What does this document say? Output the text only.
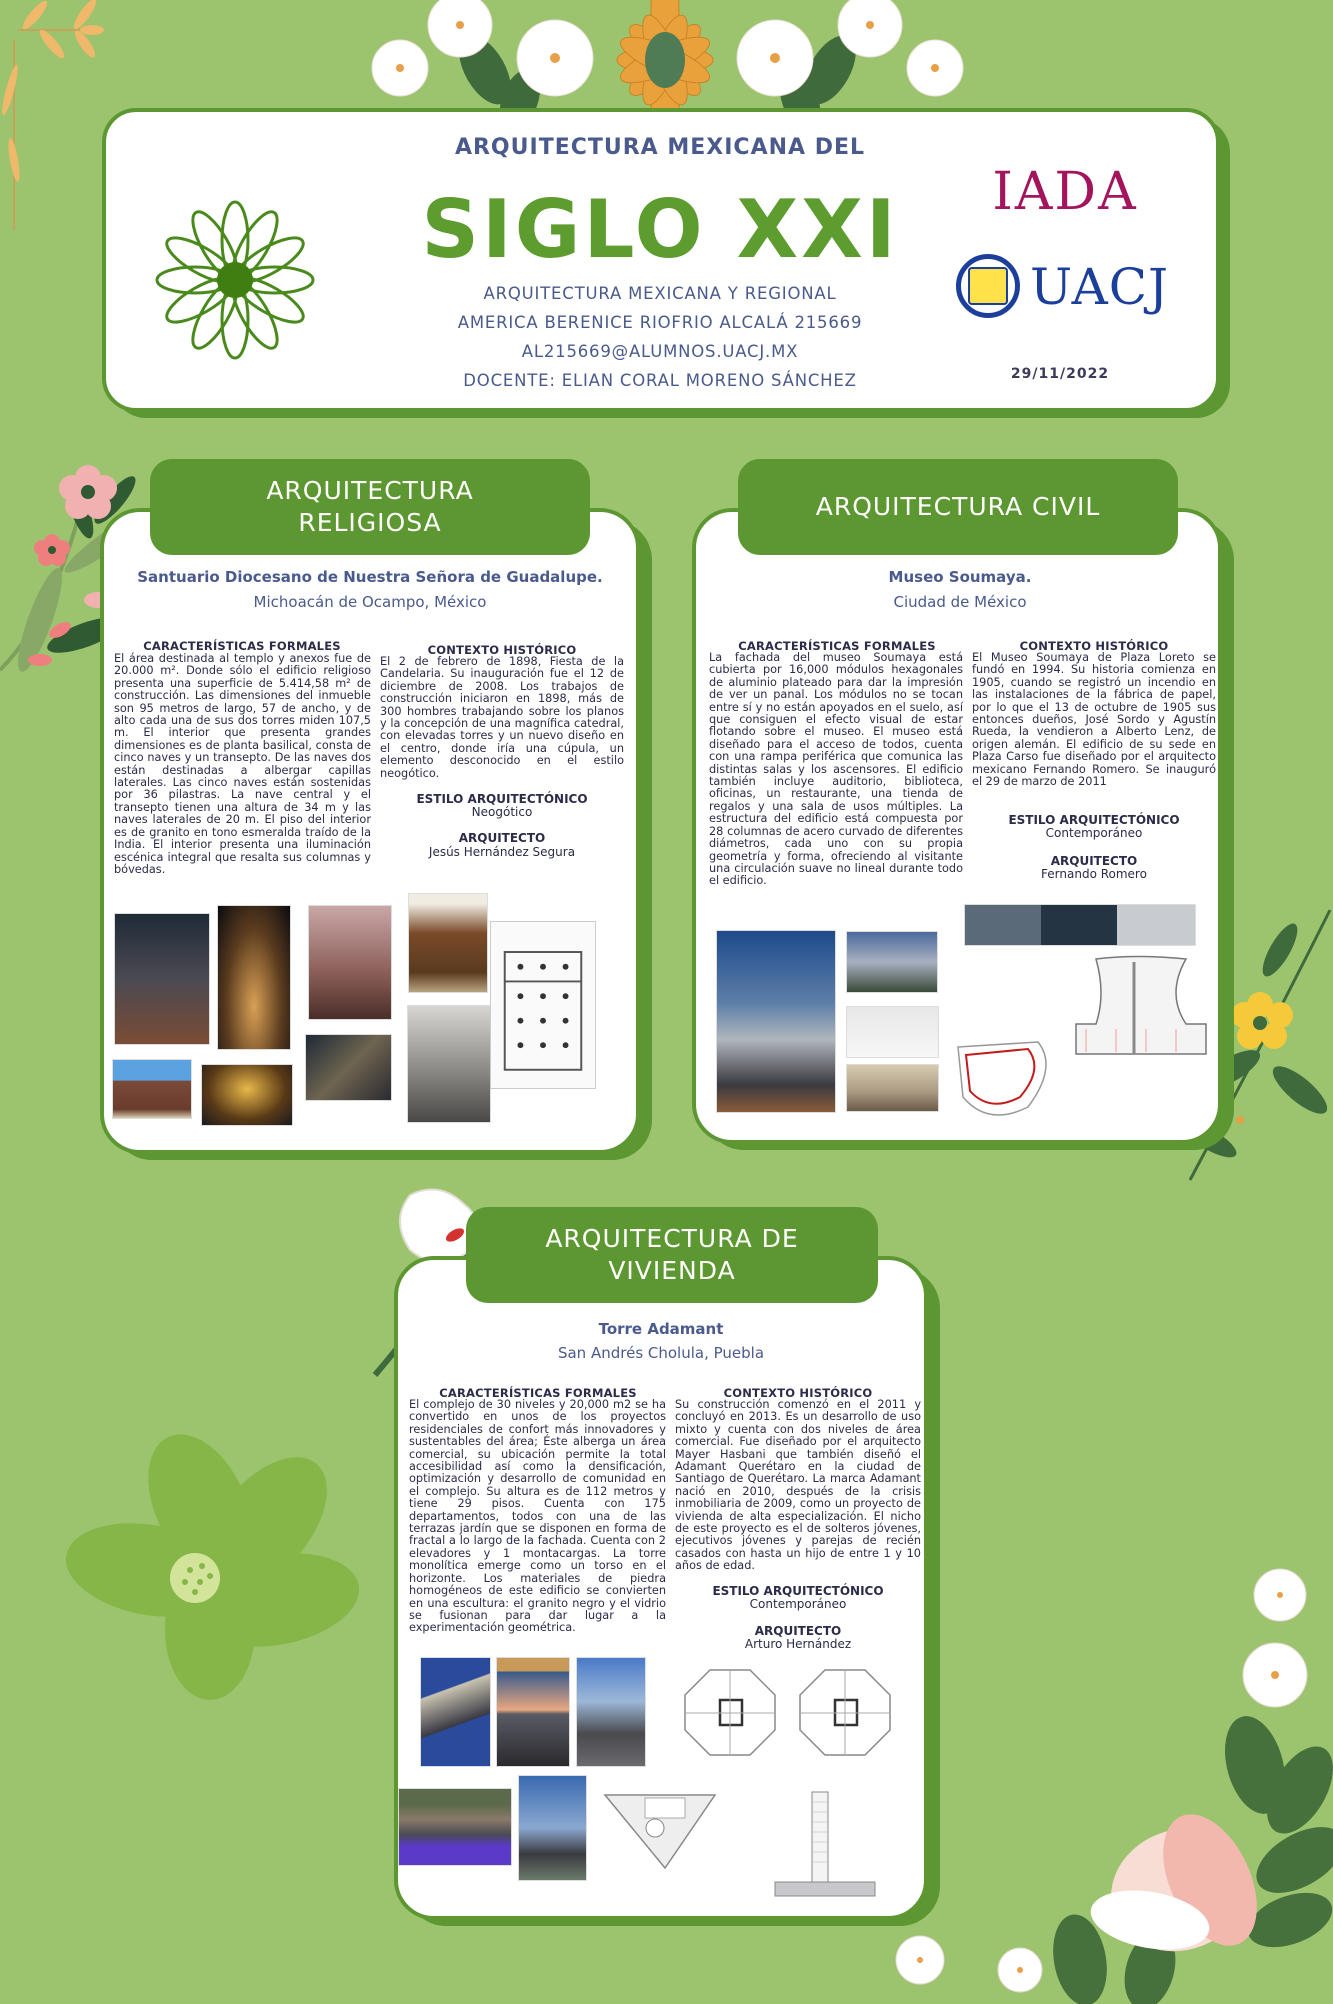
ARQUITECTURA MEXICANA DEL
SIGLO XXI
ARQUITECTURA MEXICANA Y REGIONAL
AMERICA BERENICE RIOFRIO ALCALÁ 215669
AL215669@ALUMNOS.UACJ.MX
DOCENTE: ELIAN CORAL MORENO SÁNCHEZ
IADA
UACJ
29/11/2022
ARQUITECTURA
RELIGIOSA
Santuario Diocesano de Nuestra Señora de Guadalupe.
Michoacán de Ocampo, México
CARACTERÍSTICAS FORMALES
El área destinada al templo y anexos fue de 20.000 m². Donde sólo el edificio religioso presenta una superficie de 5.414,58 m² de construcción. Las dimensiones del inmueble son 95 metros de largo, 57 de ancho, y de alto cada una de sus dos torres miden 107,5 m. El interior que presenta grandes dimensiones es de planta basilical, consta de cinco naves y un transepto. De las naves dos están destinadas a albergar capillas laterales. Las cinco naves están sostenidas por 36 pilastras. La nave central y el transepto tienen una altura de 34 m y las naves laterales de 20 m. El piso del interior es de granito en tono esmeralda traído de la India. El interior presenta una iluminación escénica integral que resalta sus columnas y bóvedas.
CONTEXTO HISTÓRICO
El 2 de febrero de 1898, Fiesta de la Candelaria. Su inauguración fue el 12 de diciembre de 2008. Los trabajos de construcción iniciaron en 1898, más de 300 hombres trabajando sobre los planos y la concepción de una magnífica catedral, con elevadas torres y un nuevo diseño en el centro, donde iría una cúpula, un elemento desconocido en el estilo neogótico.
ESTILO ARQUITECTÓNICO
Neogótico
ARQUITECTO
Jesús Hernández Segura
ARQUITECTURA CIVIL
Museo Soumaya.
Ciudad de México
CARACTERÍSTICAS FORMALES
La fachada del museo Soumaya está cubierta por 16,000 módulos hexagonales de aluminio plateado para dar la impresión de ver un panal. Los módulos no se tocan entre sí y no están apoyados en el suelo, así que consiguen el efecto visual de estar flotando sobre el museo. El museo está diseñado para el acceso de todos, cuenta con una rampa periférica que comunica las distintas salas y los ascensores. El edificio también incluye auditorio, biblioteca, oficinas, un restaurante, una tienda de regalos y una sala de usos múltiples. La estructura del edificio está compuesta por 28 columnas de acero curvado de diferentes diámetros, cada uno con su propia geometría y forma, ofreciendo al visitante una circulación suave no lineal durante todo el edificio.
CONTEXTO HISTÓRICO
El Museo Soumaya de Plaza Loreto se fundó en 1994. Su historia comienza en 1905, cuando se registró un incendio en las instalaciones de la fábrica de papel, por lo que el 13 de octubre de 1905 sus entonces dueños, José Sordo y Agustín Rueda, la vendieron a Alberto Lenz, de origen alemán. El edificio de su sede en Plaza Carso fue diseñado por el arquitecto mexicano Fernando Romero. Se inauguró el 29 de marzo de 2011
ESTILO ARQUITECTÓNICO
Contemporáneo
ARQUITECTO
Fernando Romero
ARQUITECTURA DE
VIVIENDA
Torre Adamant
San Andrés Cholula, Puebla
CARACTERÍSTICAS FORMALES
El complejo de 30 niveles y 20,000 m2 se ha convertido en unos de los proyectos residenciales de confort más innovadores y sustentables del área; Éste alberga un área comercial, su ubicación permite la total accesibilidad así como la densificación, optimización y desarrollo de comunidad en el complejo. Su altura es de 112 metros y tiene 29 pisos. Cuenta con 175 departamentos, todos con una de las terrazas jardín que se disponen en forma de fractal a lo largo de la fachada. Cuenta con 2 elevadores y 1 montacargas. La torre monolítica emerge como un torso en el horizonte. Los materiales de piedra homogéneos de este edificio se convierten en una escultura: el granito negro y el vidrio se fusionan para dar lugar a la experimentación geométrica.
CONTEXTO HISTÓRICO
Su construcción comenzó en el 2011 y concluyó en 2013. Es un desarrollo de uso mixto y cuenta con dos niveles de área comercial. Fue diseñado por el arquitecto Mayer Hasbani que también diseñó el Adamant Querétaro en la ciudad de Santiago de Querétaro. La marca Adamant nació en 2010, después de la crisis inmobiliaria de 2009, como un proyecto de vivienda de alta especialización. El nicho de este proyecto es el de solteros jóvenes, ejecutivos jóvenes y parejas de recién casados con hasta un hijo de entre 1 y 10 años de edad.
ESTILO ARQUITECTÓNICO
Contemporáneo
ARQUITECTO
Arturo Hernández
